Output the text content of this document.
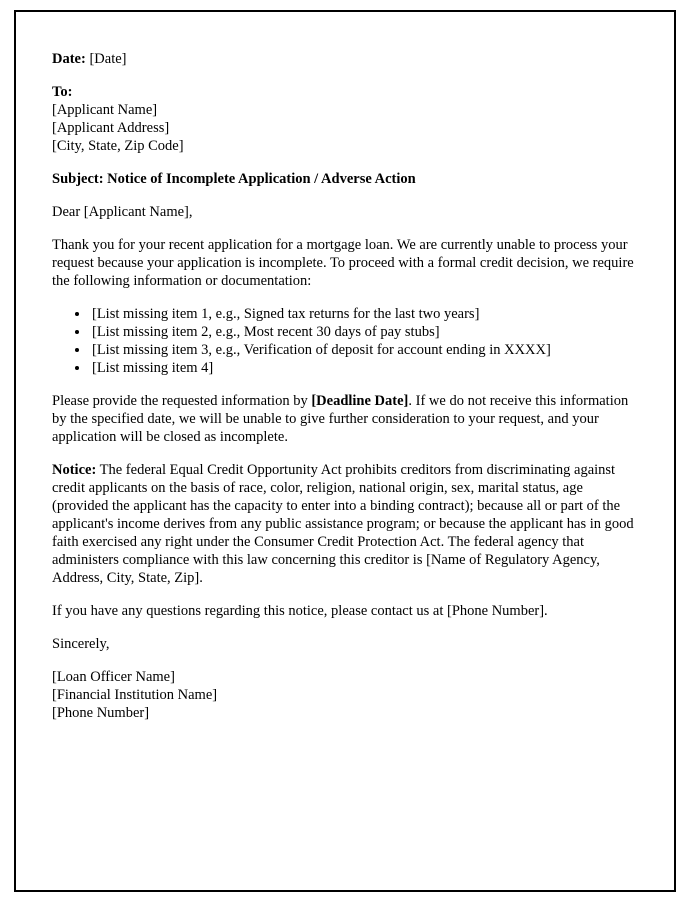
Date: [Date]

To:
[Applicant Name]
[Applicant Address]
[City, State, Zip Code]

Subject: Notice of Incomplete Application / Adverse Action

Dear [Applicant Name],

Thank you for your recent application for a mortgage loan. We are currently unable to process your request because your application is incomplete. To proceed with a formal credit decision, we require the following information or documentation:

• [List missing item 1, e.g., Signed tax returns for the last two years]
• [List missing item 2, e.g., Most recent 30 days of pay stubs]
• [List missing item 3, e.g., Verification of deposit for account ending in XXXX]
• [List missing item 4]

Please provide the requested information by [Deadline Date]. If we do not receive this information by the specified date, we will be unable to give further consideration to your request, and your application will be closed as incomplete.

Notice: The federal Equal Credit Opportunity Act prohibits creditors from discriminating against credit applicants on the basis of race, color, religion, national origin, sex, marital status, age (provided the applicant has the capacity to enter into a binding contract); because all or part of the applicant's income derives from any public assistance program; or because the applicant has in good faith exercised any right under the Consumer Credit Protection Act. The federal agency that administers compliance with this law concerning this creditor is [Name of Regulatory Agency, Address, City, State, Zip].

If you have any questions regarding this notice, please contact us at [Phone Number].

Sincerely,

[Loan Officer Name]
[Financial Institution Name]
[Phone Number]
